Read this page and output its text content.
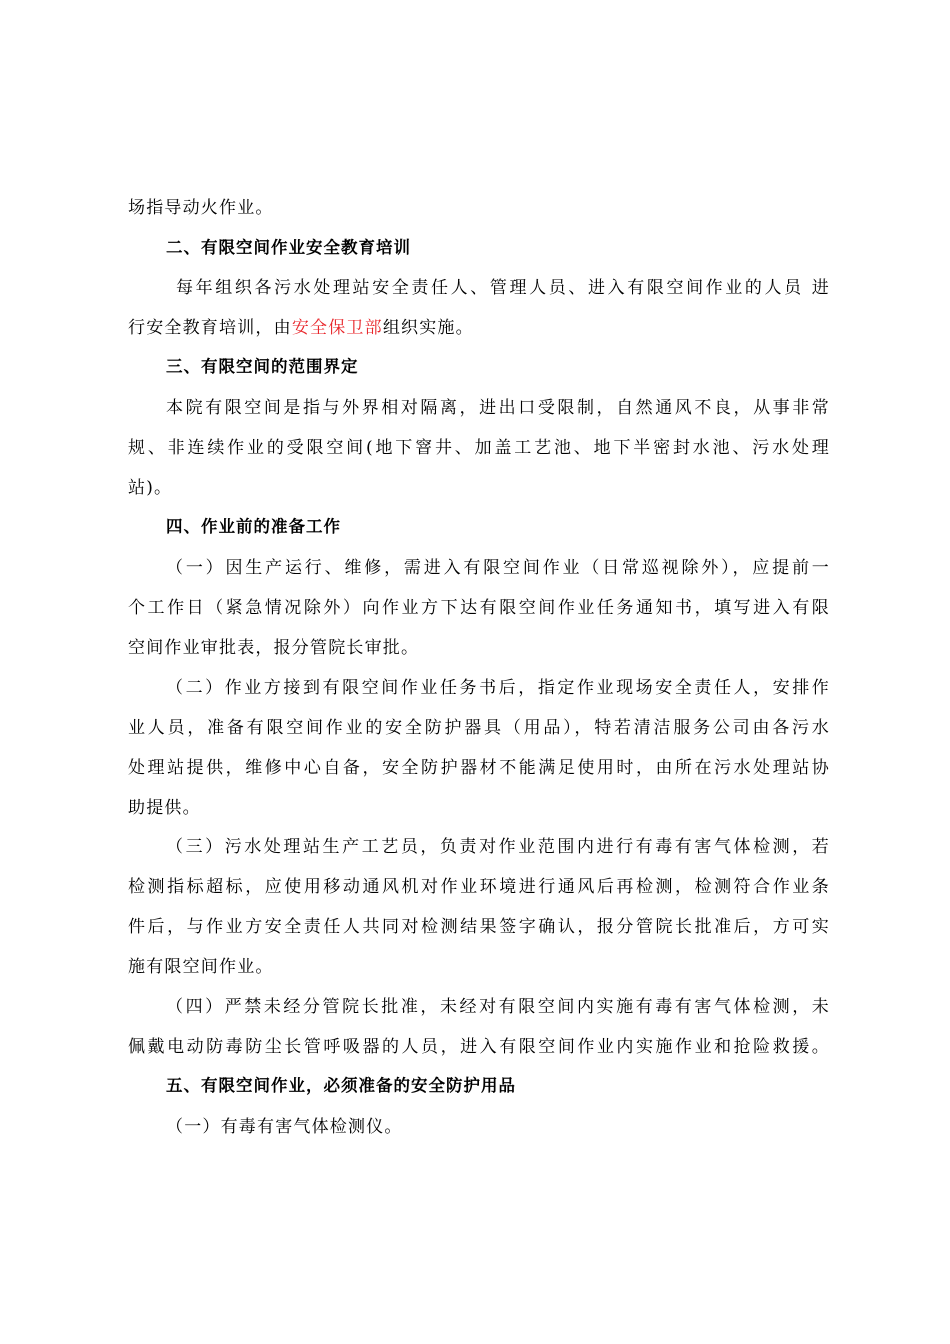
场指导动火作业。
二、有限空间作业安全教育培训
每年组织各污水处理站安全责任人、管理人员、进入有限空间作业的人员 进
行安全教育培训，由安全保卫部组织实施。
三、有限空间的范围界定
本院有限空间是指与外界相对隔离，进出口受限制，自然通风不良，从事非常
规、非连续作业的受限空间(地下窨井、加盖工艺池、地下半密封水池、污水处理
站)。
四、作业前的准备工作
（一）因生产运行、维修，需进入有限空间作业（日常巡视除外），应提前一
个工作日（紧急情况除外）向作业方下达有限空间作业任务通知书，填写进入有限
空间作业审批表，报分管院长审批。
（二）作业方接到有限空间作业任务书后，指定作业现场安全责任人，安排作
业人员，准备有限空间作业的安全防护器具（用品），特若清洁服务公司由各污水
处理站提供，维修中心自备，安全防护器材不能满足使用时，由所在污水处理站协
助提供。
（三）污水处理站生产工艺员，负责对作业范围内进行有毒有害气体检测，若
检测指标超标，应使用移动通风机对作业环境进行通风后再检测，检测符合作业条
件后，与作业方安全责任人共同对检测结果签字确认，报分管院长批准后，方可实
施有限空间作业。
（四）严禁未经分管院长批准，未经对有限空间内实施有毒有害气体检测，未
佩戴电动防毒防尘长管呼吸器的人员，进入有限空间作业内实施作业和抢险救援。
五、有限空间作业，必须准备的安全防护用品
（一）有毒有害气体检测仪。
